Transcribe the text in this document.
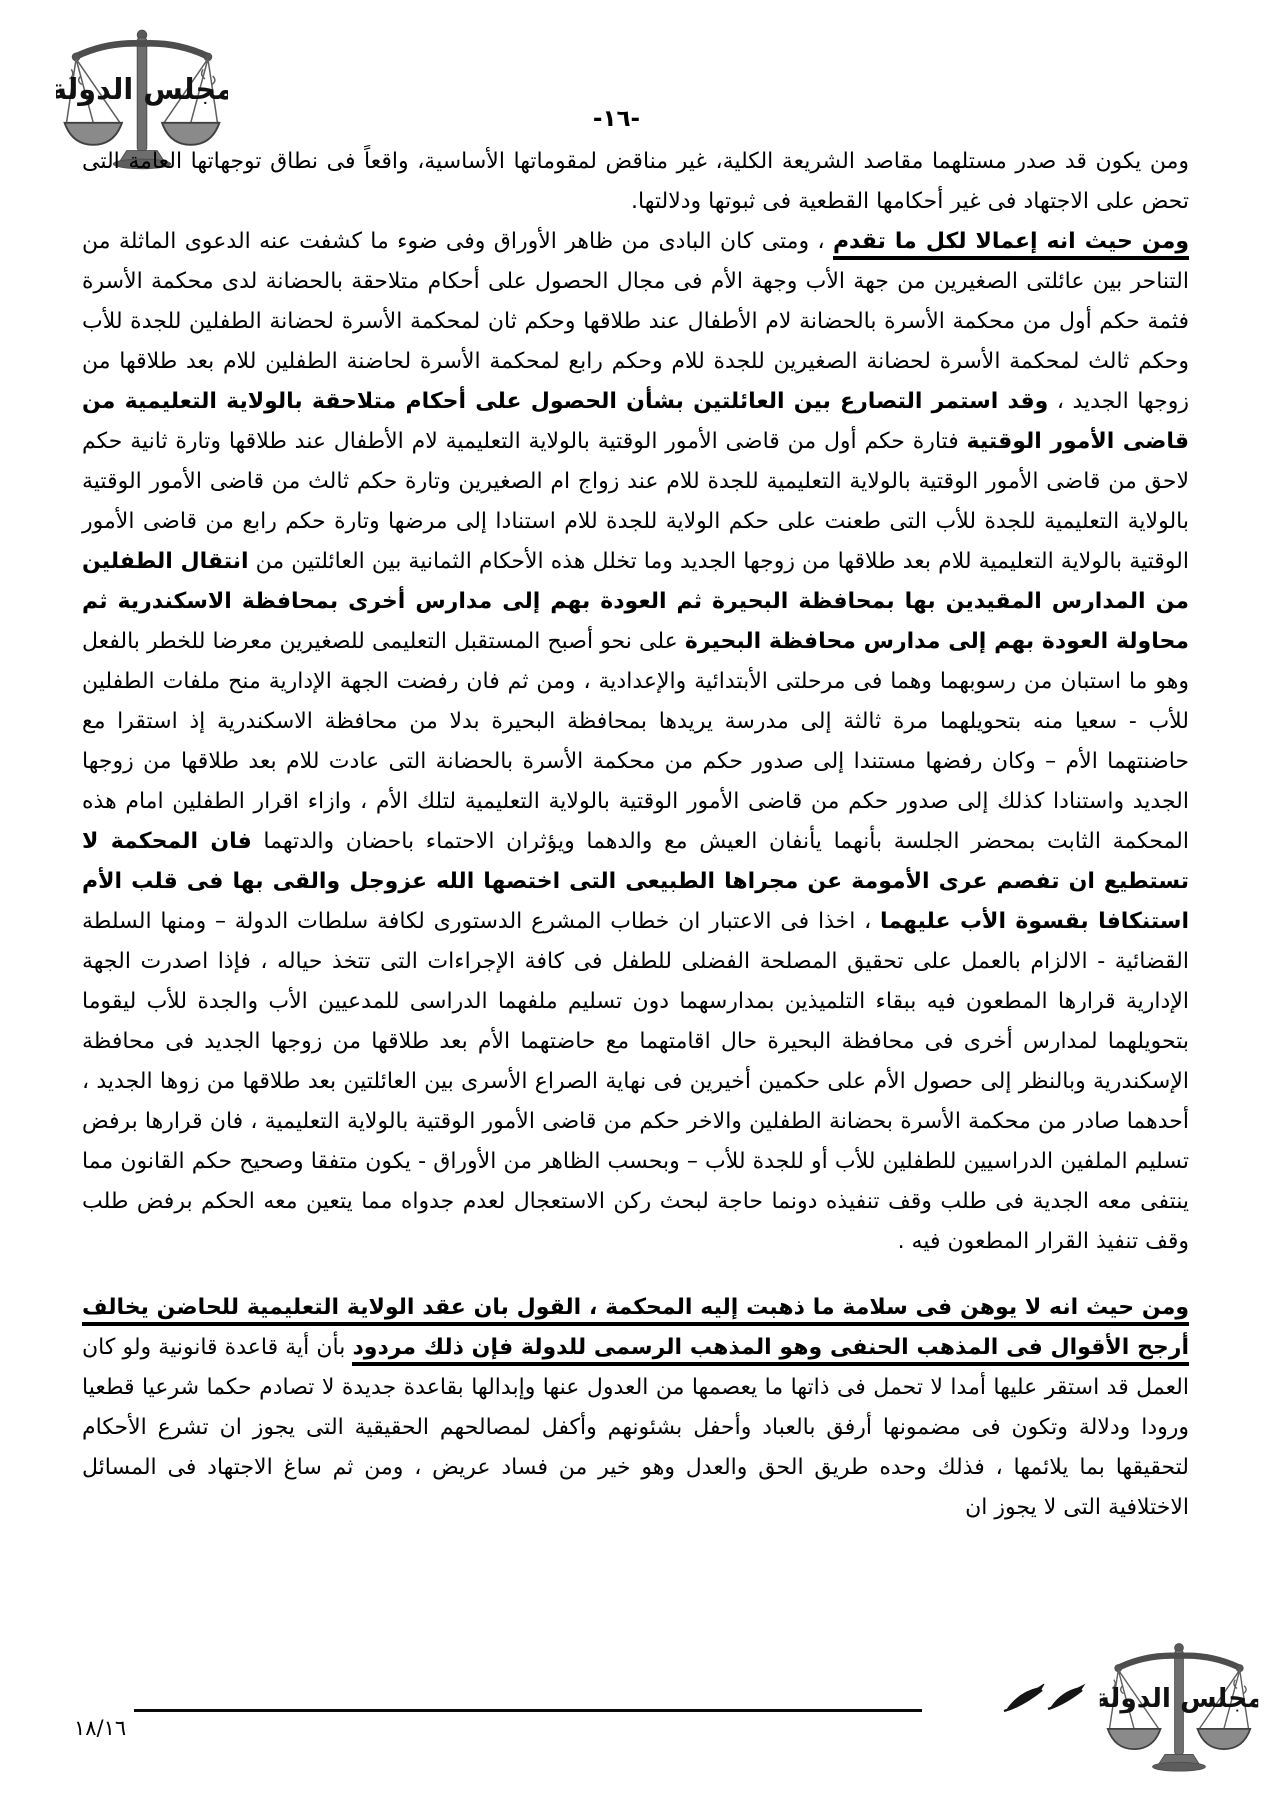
-١٦-

ومن يكون قد صدر مستلهما مقاصد الشريعة الكلية، غير مناقض لمقوماتها الأساسية، واقعاً فى نطاق توجهاتها العامة التى تحض على الاجتهاد فى غير أحكامها القطعية فى ثبوتها ودلالتها.

ومن حيث انه إعمالا لكل ما تقدم ، ومتى كان البادى من ظاهر الأوراق وفى ضوء ما كشفت عنه الدعوى الماثلة من التناحر بين عائلتى الصغيرين من جهة الأب وجهة الأم فى مجال الحصول على أحكام متلاحقة بالحضانة لدى محكمة الأسرة فثمة حكم أول من محكمة الأسرة بالحضانة لام الأطفال عند طلاقها وحكم ثان لمحكمة الأسرة لحضانة الطفلين للجدة للأب وحكم ثالث لمحكمة الأسرة لحضانة الصغيرين للجدة للام وحكم رابع لمحكمة الأسرة لحاضنة الطفلين للام بعد طلاقها من زوجها الجديد ، وقد استمر التصارع بين العائلتين بشأن الحصول على أحكام متلاحقة بالولاية التعليمية من قاضى الأمور الوقتية فتارة حكم أول من قاضى الأمور الوقتية بالولاية التعليمية لام الأطفال عند طلاقها وتارة ثانية حكم لاحق من قاضى الأمور الوقتية بالولاية التعليمية للجدة للام عند زواج ام الصغيرين وتارة حكم ثالث من قاضى الأمور الوقتية بالولاية التعليمية للجدة للأب التى طعنت على حكم الولاية للجدة للام استنادا إلى مرضها وتارة حكم رابع من قاضى الأمور الوقتية بالولاية التعليمية للام بعد طلاقها من زوجها الجديد وما تخلل هذه الأحكام الثمانية بين العائلتين من انتقال الطفلين من المدارس المقيدين بها بمحافظة البحيرة ثم العودة بهم إلى مدارس أخرى بمحافظة الاسكندرية ثم محاولة العودة بهم إلى مدارس محافظة البحيرة على نحو أصبح المستقبل التعليمى للصغيرين معرضا للخطر بالفعل وهو ما استبان من رسوبهما وهما فى مرحلتى الأبتدائية والإعدادية ، ومن ثم فان رفضت الجهة الإدارية منح ملفات الطفلين للأب - سعيا منه بتحويلهما مرة ثالثة إلى مدرسة يريدها بمحافظة البحيرة بدلا من محافظة الاسكندرية إذ استقرا مع حاضنتهما الأم – وكان رفضها مستندا إلى صدور حكم من محكمة الأسرة بالحضانة التى عادت للام بعد طلاقها من زوجها الجديد واستنادا كذلك إلى صدور حكم من قاضى الأمور الوقتية بالولاية التعليمية لتلك الأم ، وازاء اقرار الطفلين امام هذه المحكمة الثابت بمحضر الجلسة بأنهما يأنفان العيش مع والدهما ويؤثران الاحتماء باحضان والدتهما فان المحكمة لا تستطيع ان تفصم عرى الأمومة عن مجراها الطبيعى التى اختصها الله عزوجل والقى بها فى قلب الأم استنكافا بقسوة الأب عليهما ، اخذا فى الاعتبار ان خطاب المشرع الدستورى لكافة سلطات الدولة – ومنها السلطة القضائية - الالزام بالعمل على تحقيق المصلحة الفضلى للطفل فى كافة الإجراءات التى تتخذ حياله ، فإذا اصدرت الجهة الإدارية قرارها المطعون فيه ببقاء التلميذين بمدارسهما دون تسليم ملفهما الدراسى للمدعيين الأب والجدة للأب ليقوما بتحويلهما لمدارس أخرى فى محافظة البحيرة حال اقامتهما مع حاضتهما الأم بعد طلاقها من زوجها الجديد فى محافظة الإسكندرية وبالنظر إلى حصول الأم على حكمين أخيرين فى نهاية الصراع الأسرى بين العائلتين بعد طلاقها من زوها الجديد ، أحدهما صادر من محكمة الأسرة بحضانة الطفلين والاخر حكم من قاضى الأمور الوقتية بالولاية التعليمية ، فان قرارها برفض تسليم الملفين الدراسيين للطفلين للأب أو للجدة للأب – وبحسب الظاهر من الأوراق - يكون متفقا وصحيح حكم القانون مما ينتفى معه الجدية فى طلب وقف تنفيذه دونما حاجة لبحث ركن الاستعجال لعدم جدواه مما يتعين معه الحكم برفض طلب وقف تنفيذ القرار المطعون فيه .

ومن حيث انه لا يوهن فى سلامة ما ذهبت إليه المحكمة ، القول بان عقد الولاية التعليمية للحاضن يخالف أرجح الأقوال فى المذهب الحنفى وهو المذهب الرسمى للدولة فإن ذلك مردود بأن أية قاعدة قانونية ولو كان العمل قد استقر عليها أمدا لا تحمل فى ذاتها ما يعصمها من العدول عنها وإبدالها بقاعدة جديدة لا تصادم حكما شرعيا قطعيا ورودا ودلالة وتكون فى مضمونها أرفق بالعباد وأحفل بشئونهم وأكفل لمصالحهم الحقيقية التى يجوز ان تشرع الأحكام لتحقيقها بما يلائمها ، فذلك وحده طريق الحق والعدل وهو خير من فساد عريض ، ومن ثم ساغ الاجتهاد فى المسائل الاختلافية التى لا يجوز ان

١٨/١٦
